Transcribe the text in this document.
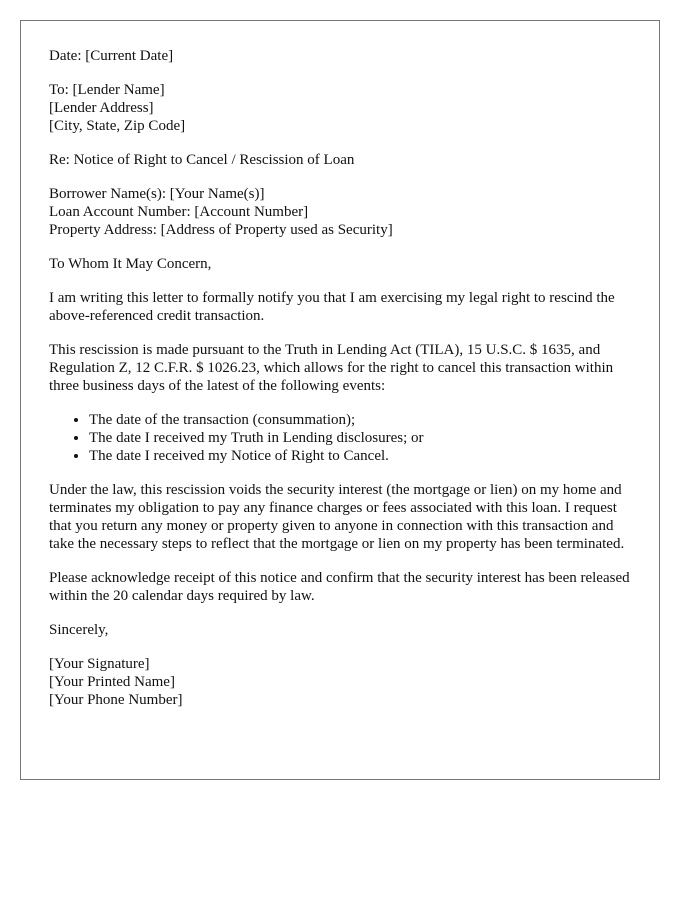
Date: [Current Date]

To: [Lender Name]
[Lender Address]
[City, State, Zip Code]

Re: Notice of Right to Cancel / Rescission of Loan

Borrower Name(s): [Your Name(s)]
Loan Account Number: [Account Number]
Property Address: [Address of Property used as Security]

To Whom It May Concern,

I am writing this letter to formally notify you that I am exercising my legal right to rescind the above-referenced credit transaction.

This rescission is made pursuant to the Truth in Lending Act (TILA), 15 U.S.C. $ 1635, and Regulation Z, 12 C.F.R. $ 1026.23, which allows for the right to cancel this transaction within three business days of the latest of the following events:

• The date of the transaction (consummation);
• The date I received my Truth in Lending disclosures; or
• The date I received my Notice of Right to Cancel.

Under the law, this rescission voids the security interest (the mortgage or lien) on my home and terminates my obligation to pay any finance charges or fees associated with this loan. I request that you return any money or property given to anyone in connection with this transaction and take the necessary steps to reflect that the mortgage or lien on my property has been terminated.

Please acknowledge receipt of this notice and confirm that the security interest has been released within the 20 calendar days required by law.

Sincerely,

[Your Signature]
[Your Printed Name]
[Your Phone Number]
